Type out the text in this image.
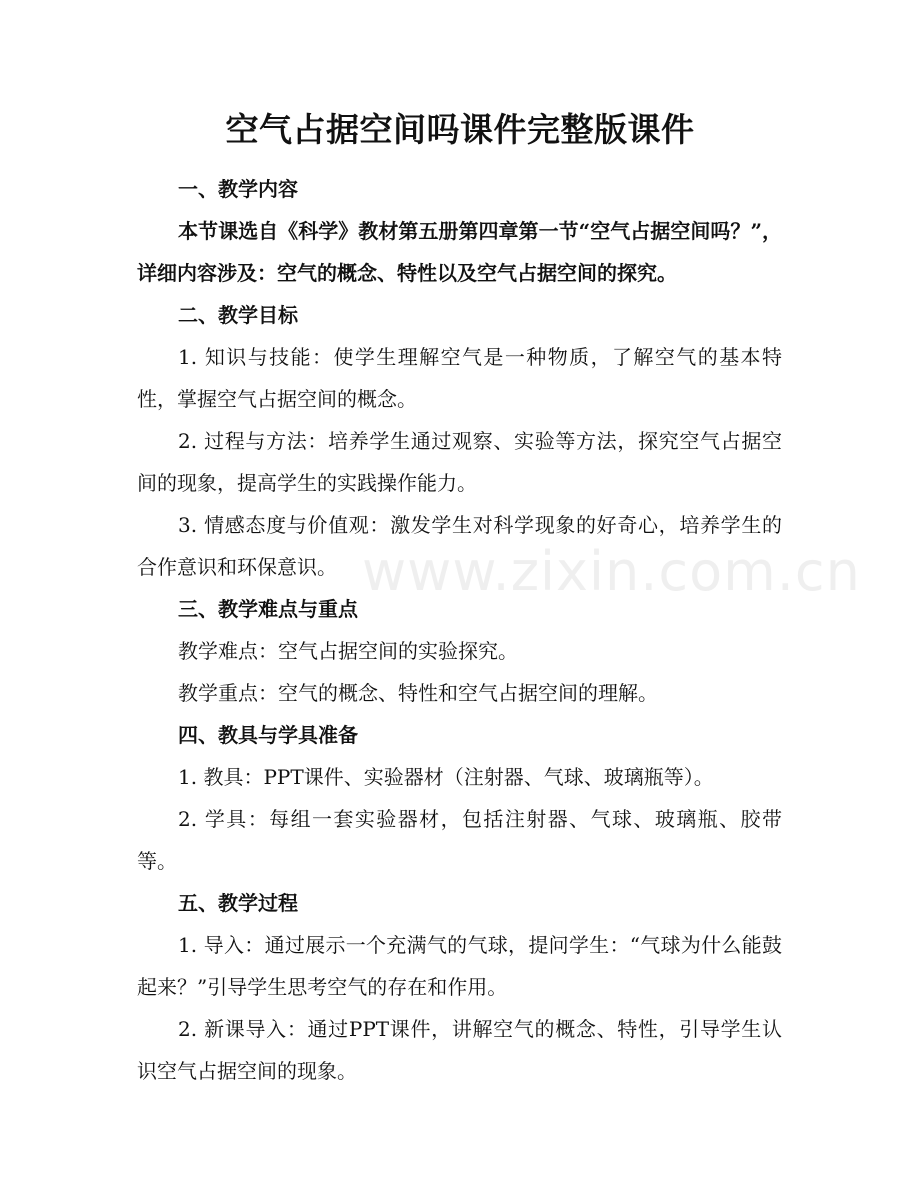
空气占据空间吗课件完整版课件

一、教学内容

本节课选自《科学》教材第五册第四章第一节“空气占据空间吗？”，详细内容涉及：空气的概念、特性以及空气占据空间的探究。

二、教学目标

1. 知识与技能：使学生理解空气是一种物质，了解空气的基本特性，掌握空气占据空间的概念。

2. 过程与方法：培养学生通过观察、实验等方法，探究空气占据空间的现象，提高学生的实践操作能力。

3. 情感态度与价值观：激发学生对科学现象的好奇心，培养学生的合作意识和环保意识。

三、教学难点与重点

教学难点：空气占据空间的实验探究。

教学重点：空气的概念、特性和空气占据空间的理解。

四、教具与学具准备

1. 教具：PPT课件、实验器材（注射器、气球、玻璃瓶等）。

2. 学具：每组一套实验器材，包括注射器、气球、玻璃瓶、胶带等。

五、教学过程

1. 导入：通过展示一个充满气的气球，提问学生：“气球为什么能鼓起来？”引导学生思考空气的存在和作用。

2. 新课导入：通过PPT课件，讲解空气的概念、特性，引导学生认识空气占据空间的现象。

www.zixin.com.cn
